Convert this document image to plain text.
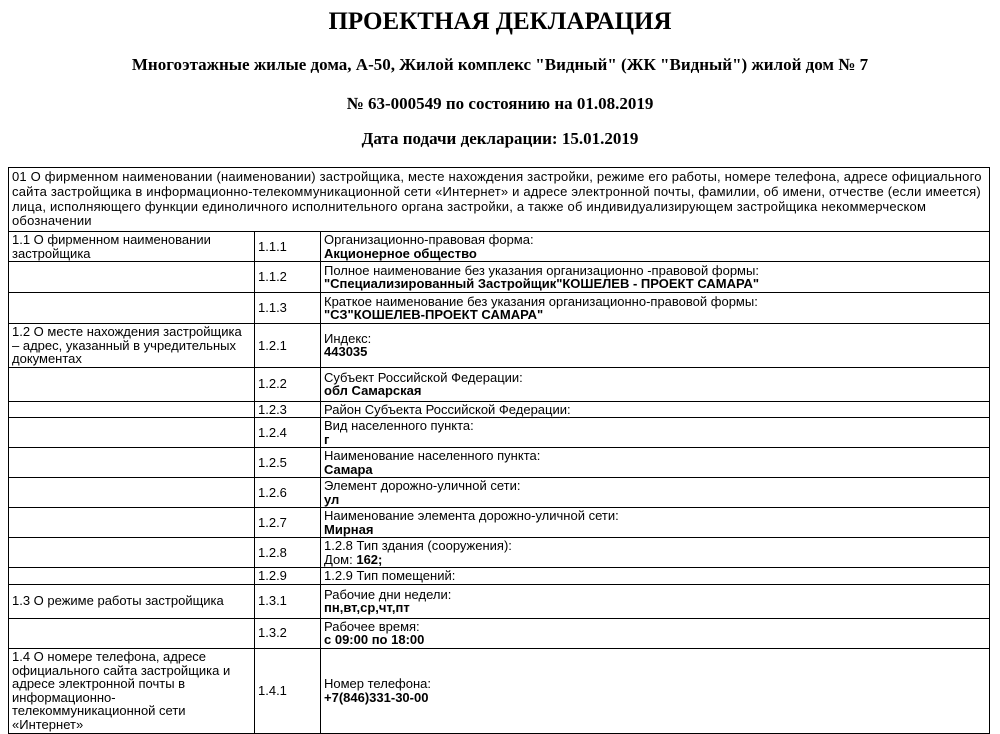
ПРОЕКТНАЯ ДЕКЛАРАЦИЯ
Многоэтажные жилые дома, А-50, Жилой комплекс "Видный" (ЖК "Видный") жилой дом № 7
№ 63-000549 по состоянию на 01.08.2019
Дата подачи декларации: 15.01.2019
01 О фирменном наименовании (наименовании) застройщика, месте нахождения застройки, режиме его работы, номере телефона, адресе официального сайта застройщика в информационно-телекоммуникационной сети «Интернет» и адресе электронной почты, фамилии, об имени, отчестве (если имеется) лица, исполняющего функции единоличного исполнительного органа застройки, а также об индивидуализирующем застройщика некоммерческом обозначении		
1.1 О фирменном наименовании застройщика	1.1.1	Организационно-правовая форма:
Акционерное общество

	1.1.2	Полное наименование без указания организационно -правовой формы:
"Специализированный Застройщик"КОШЕЛЕВ - ПРОЕКТ САМАРА"

	1.1.3	Краткое наименование без указания организационно-правовой формы:
"СЗ"КОШЕЛЕВ-ПРОЕКТ САМАРА"

1.2 О месте нахождения застройщика – адрес, указанный в учредительных документах	1.2.1	Индекс:
443035

	1.2.2	Субъект Российской Федерации:
обл Самарская

	1.2.3	Район Субъекта Российской Федерации:

	1.2.4	Вид населенного пункта:
г

	1.2.5	Наименование населенного пункта:
Самара

	1.2.6	Элемент дорожно-уличной сети:
ул

	1.2.7	Наименование элемента дорожно-уличной сети:
Мирная

	1.2.8	1.2.8 Тип здания (сооружения):
Дом: 162;

	1.2.9	1.2.9 Тип помещений:

1.3 О режиме работы застройщика	1.3.1	Рабочие дни недели:
пн,вт,ср,чт,пт

	1.3.2	Рабочее время:
с 09:00 по 18:00

1.4 О номере телефона, адресе официального сайта застройщика и адресе электронной почты в информационно-телекоммуникационной сети «Интернет»	1.4.1	Номер телефона:
+7(846)331-30-00
